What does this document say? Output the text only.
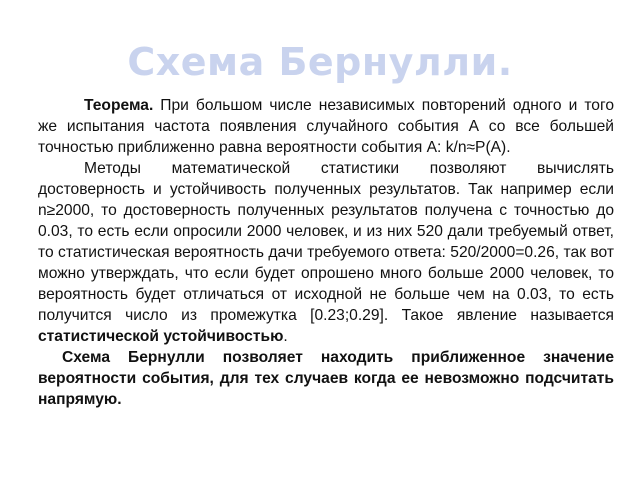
Схема Бернулли.

Теорема. При большом числе независимых повторений одного и того же испытания частота появления случайного события А со все большей точностью приближенно равна вероятности события А: k/n≈P(A).

Методы математической статистики позволяют вычислять достоверность и устойчивость полученных результатов. Так например если n≥2000, то достоверность полученных результатов получена с точностью до 0.03, то есть если опросили 2000 человек, и из них 520 дали требуемый ответ, то статистическая вероятность дачи требуемого ответа: 520/2000=0.26, так вот можно утверждать, что если будет опрошено много больше 2000 человек, то вероятность будет отличаться от исходной не больше чем на 0.03, то есть получится число из промежутка [0.23;0.29]. Такое явление называется статистической устойчивостью.

Схема Бернулли позволяет находить приближенное значение вероятности события, для тех случаев когда ее невозможно подсчитать напрямую.
